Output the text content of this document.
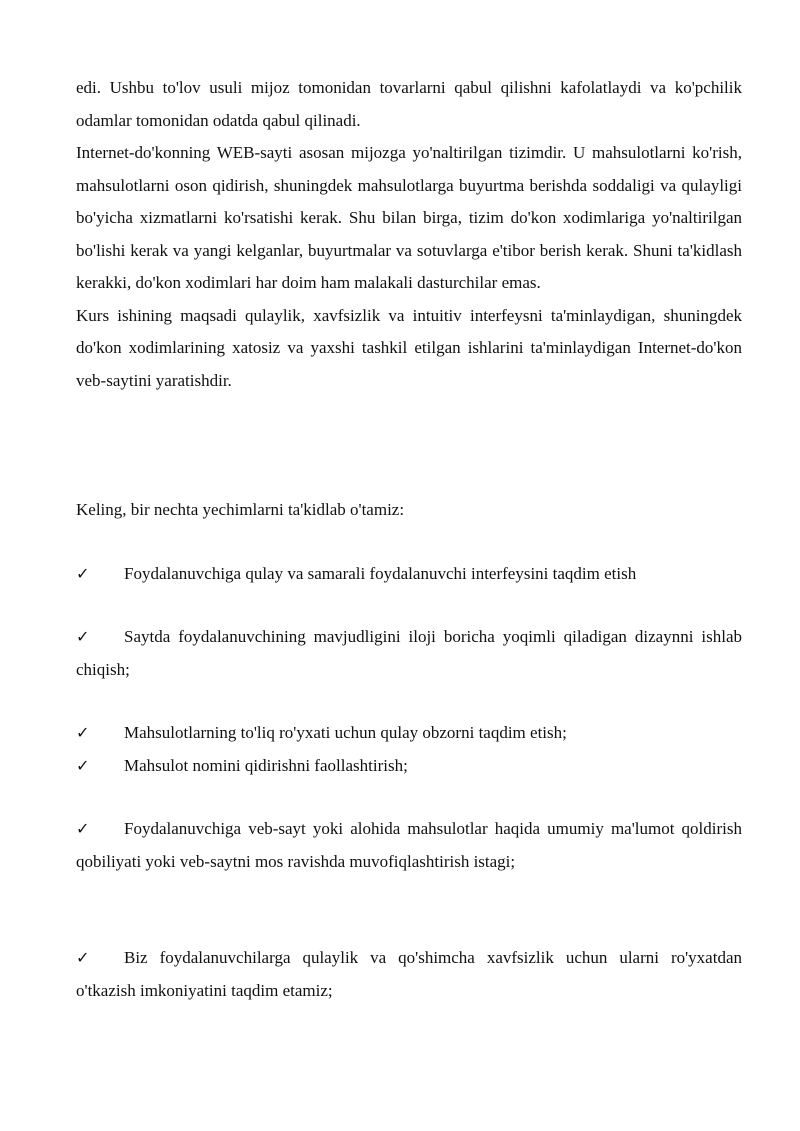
edi. Ushbu to'lov usuli mijoz tomonidan tovarlarni qabul qilishni kafolatlaydi va ko'pchilik odamlar tomonidan odatda qabul qilinadi.

Internet-do'konning WEB-sayti asosan mijozga yo'naltirilgan tizimdir. U mahsulotlarni ko'rish, mahsulotlarni oson qidirish, shuningdek mahsulotlarga buyurtma berishda soddaligi va qulayligi bo'yicha xizmatlarni ko'rsatishi kerak. Shu bilan birga, tizim do'kon xodimlariga yo'naltirilgan bo'lishi kerak va yangi kelganlar, buyurtmalar va sotuvlarga e'tibor berish kerak. Shuni ta'kidlash kerakki, do'kon xodimlari har doim ham malakali dasturchilar emas.

Kurs ishining maqsadi qulaylik, xavfsizlik va intuitiv interfeysni ta'minlaydigan, shuningdek do'kon xodimlarining xatosiz va yaxshi tashkil etilgan ishlarini ta'minlaydigan Internet-do'kon veb-saytini yaratishdir.

Keling, bir nechta yechimlarni ta'kidlab o'tamiz:

✓ Foydalanuvchiga qulay va samarali foydalanuvchi interfeysini taqdim etish

✓ Saytda foydalanuvchining mavjudligini iloji boricha yoqimli qiladigan dizaynni ishlab chiqish;

✓ Mahsulotlarning to'liq ro'yxati uchun qulay obzorni taqdim etish;

✓ Mahsulot nomini qidirishni faollashtirish;

✓ Foydalanuvchiga veb-sayt yoki alohida mahsulotlar haqida umumiy ma'lumot qoldirish qobiliyati yoki veb-saytni mos ravishda muvofiqlashtirish istagi;

✓ Biz foydalanuvchilarga qulaylik va qo'shimcha xavfsizlik uchun ularni ro'yxatdan o'tkazish imkoniyatini taqdim etamiz;
